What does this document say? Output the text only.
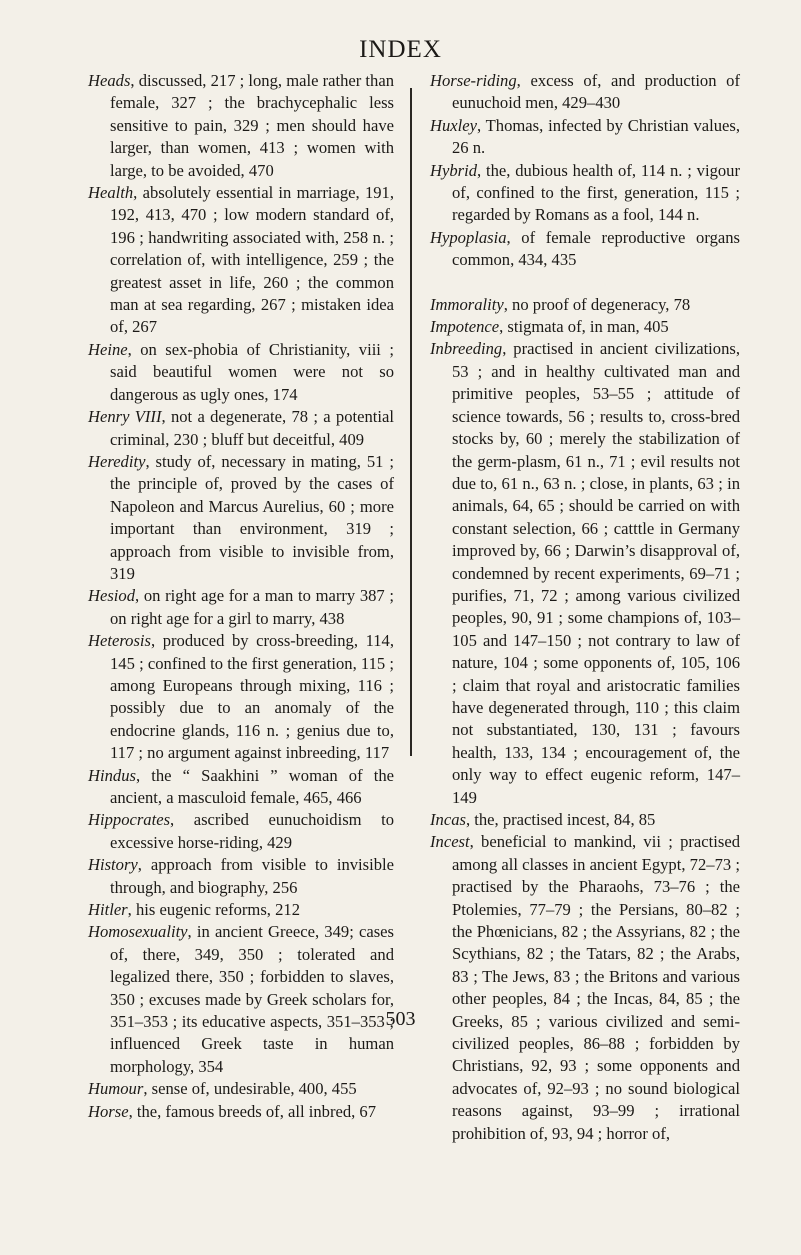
INDEX

Heads, discussed, 217 ; long, male rather than female, 327 ; the brachycephalic less sensitive to pain, 329 ; men should have larger, than women, 413 ; women with large, to be avoided, 470

Health, absolutely essential in marriage, 191, 192, 413, 470 ; low modern standard of, 196 ; handwriting associated with, 258 n. ; correlation of, with intelligence, 259 ; the greatest asset in life, 260 ; the common man at sea regarding, 267 ; mistaken idea of, 267

Heine, on sex-phobia of Christianity, viii ; said beautiful women were not so dangerous as ugly ones, 174

Henry VIII, not a degenerate, 78 ; a potential criminal, 230 ; bluff but deceitful, 409

Heredity, study of, necessary in mating, 51 ; the principle of, proved by the cases of Napoleon and Marcus Aurelius, 60 ; more important than environment, 319 ; approach from visible to invisible from, 319

Hesiod, on right age for a man to marry 387 ; on right age for a girl to marry, 438

Heterosis, produced by cross-breeding, 114, 145 ; confined to the first generation, 115 ; among Europeans through mixing, 116 ; possibly due to an anomaly of the endocrine glands, 116 n. ; genius due to, 117 ; no argument against inbreeding, 117

Hindus, the “ Saakhini ” woman of the ancient, a masculoid female, 465, 466

Hippocrates, ascribed eunuchoidism to excessive horse-riding, 429

History, approach from visible to invisible through, and biography, 256

Hitler, his eugenic reforms, 212

Homosexuality, in ancient Greece, 349; cases of, there, 349, 350 ; tolerated and legalized there, 350 ; forbidden to slaves, 350 ; excuses made by Greek scholars for, 351–353 ; its educative aspects, 351–353 ; influenced Greek taste in human morphology, 354

Humour, sense of, undesirable, 400, 455

Horse, the, famous breeds of, all inbred, 67

Horse-riding, excess of, and production of eunuchoid men, 429–430

Huxley, Thomas, infected by Christian values, 26 n.

Hybrid, the, dubious health of, 114 n. ; vigour of, confined to the first, generation, 115 ; regarded by Romans as a fool, 144 n.

Hypoplasia, of female reproductive organs common, 434, 435

Immorality, no proof of degeneracy, 78

Impotence, stigmata of, in man, 405

Inbreeding, practised in ancient civilizations, 53 ; and in healthy cultivated man and primitive peoples, 53–55 ; attitude of science towards, 56 ; results to, cross-bred stocks by, 60 ; merely the stabilization of the germ-plasm, 61 n., 71 ; evil results not due to, 61 n., 63 n. ; close, in plants, 63 ; in animals, 64, 65 ; should be carried on with constant selection, 66 ; catttle in Germany improved by, 66 ; Darwin’s disapproval of, condemned by recent experiments, 69–71 ; purifies, 71, 72 ; among various civilized peoples, 90, 91 ; some champions of, 103–105 and 147–150 ; not contrary to law of nature, 104 ; some opponents of, 105, 106 ; claim that royal and aristocratic families have degenerated through, 110 ; this claim not substantiated, 130, 131 ; favours health, 133, 134 ; encouragement of, the only way to effect eugenic reform, 147–149

Incas, the, practised incest, 84, 85

Incest, beneficial to mankind, vii ; practised among all classes in ancient Egypt, 72–73 ; practised by the Pharaohs, 73–76 ; the Ptolemies, 77–79 ; the Persians, 80–82 ; the Phœnicians, 82 ; the Assyrians, 82 ; the Scythians, 82 ; the Tatars, 82 ; the Arabs, 83 ; The Jews, 83 ; the Britons and various other peoples, 84 ; the Incas, 84, 85 ; the Greeks, 85 ; various civilized and semi-civilized peoples, 86–88 ; forbidden by Christians, 92, 93 ; some opponents and advocates of, 92–93 ; no sound biological reasons against, 93–99 ; irrational prohibition of, 93, 94 ; horror of,

503
